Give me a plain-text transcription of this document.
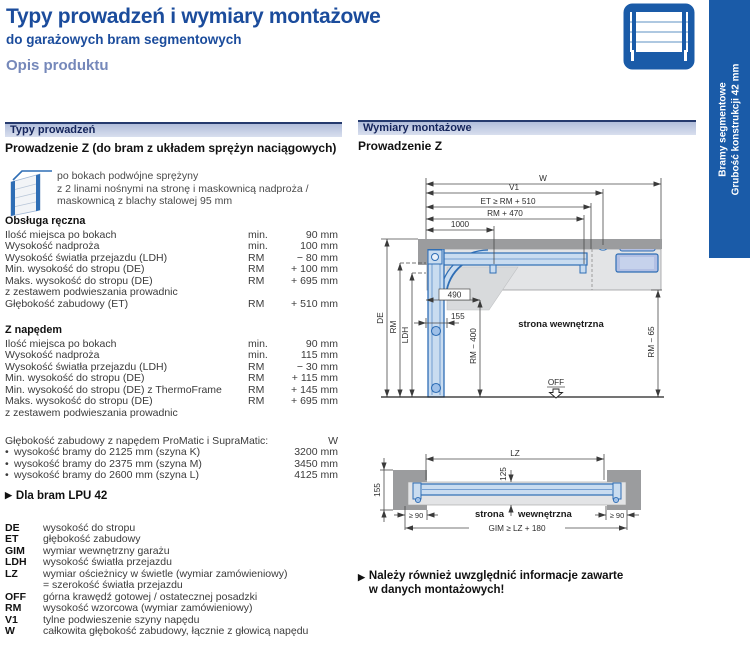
Typy prowadzeń i wymiary montażowe
do garażowych bram segmentowych
Opis produktu
Bramy segmentowe Grubość konstrukcji 42 mm
Typy prowadzeń
Prowadzenie Z (do bram z układem sprężyn naciągowych)
po bokach podwójne sprężyny
z 2 linami nośnymi na stronę i maskownicą nadproża /
maskownicą z blachy stalowej 95 mm
Obsługa ręczna
Ilość miejsca po bokach	min.	90 mm
Wysokość nadproża	min.	100 mm
Wysokość światła przejazdu (LDH)	RM	− 80 mm
Min. wysokość do stropu (DE)	RM	+ 100 mm
Maks. wysokość do stropu (DE)	RM	+ 695 mm
z zestawem podwieszania prowadnic
Głębokość zabudowy (ET)	RM	+ 510 mm
Z napędem
Ilość miejsca po bokach	min.	90 mm
Wysokość nadproża	min.	115 mm
Wysokość światła przejazdu (LDH)	RM	− 30 mm
Min. wysokość do stropu (DE)	RM	+ 115 mm
Min. wysokość do stropu (DE) z ThermoFrame	RM	+ 145 mm
Maks. wysokość do stropu (DE)	RM	+ 695 mm
z zestawem podwieszania prowadnic
Głębokość zabudowy z napędem ProMatic i SupraMatic:	W
• wysokość bramy do 2125 mm (szyna K)	3200 mm
• wysokość bramy do 2375 mm (szyna M)	3450 mm
• wysokość bramy do 2600 mm (szyna L)	4125 mm
▶ Dla bram LPU 42
DE	wysokość do stropu
ET	głębokość zabudowy
GIM	wymiar wewnętrzny garażu
LDH	wysokość światła przejazdu
LZ	wymiar ościeżnicy w świetle (wymiar zamówieniowy)
= szerokość światła przejazdu
OFF	górna krawędź gotowej / ostatecznej posadzki
RM	wysokość wzorcowa (wymiar zamówieniowy)
V1	tylne podwieszenie szyny napędu
W	całkowita głębokość zabudowy, łącznie z głowicą napędu
Wymiary montażowe
Prowadzenie Z
W
V1
ET ≥ RM + 510
RM + 470
1000
490
155
DE
RM LDH	RM − 400	RM − 65
strona wewnętrzna
OFF
LZ
125
155
≥ 90	≥ 90
strona wewnętrzna
GIM ≥ LZ + 180
▶ Należy również uwzględnić informacje zawarte
w danych montażowych!
